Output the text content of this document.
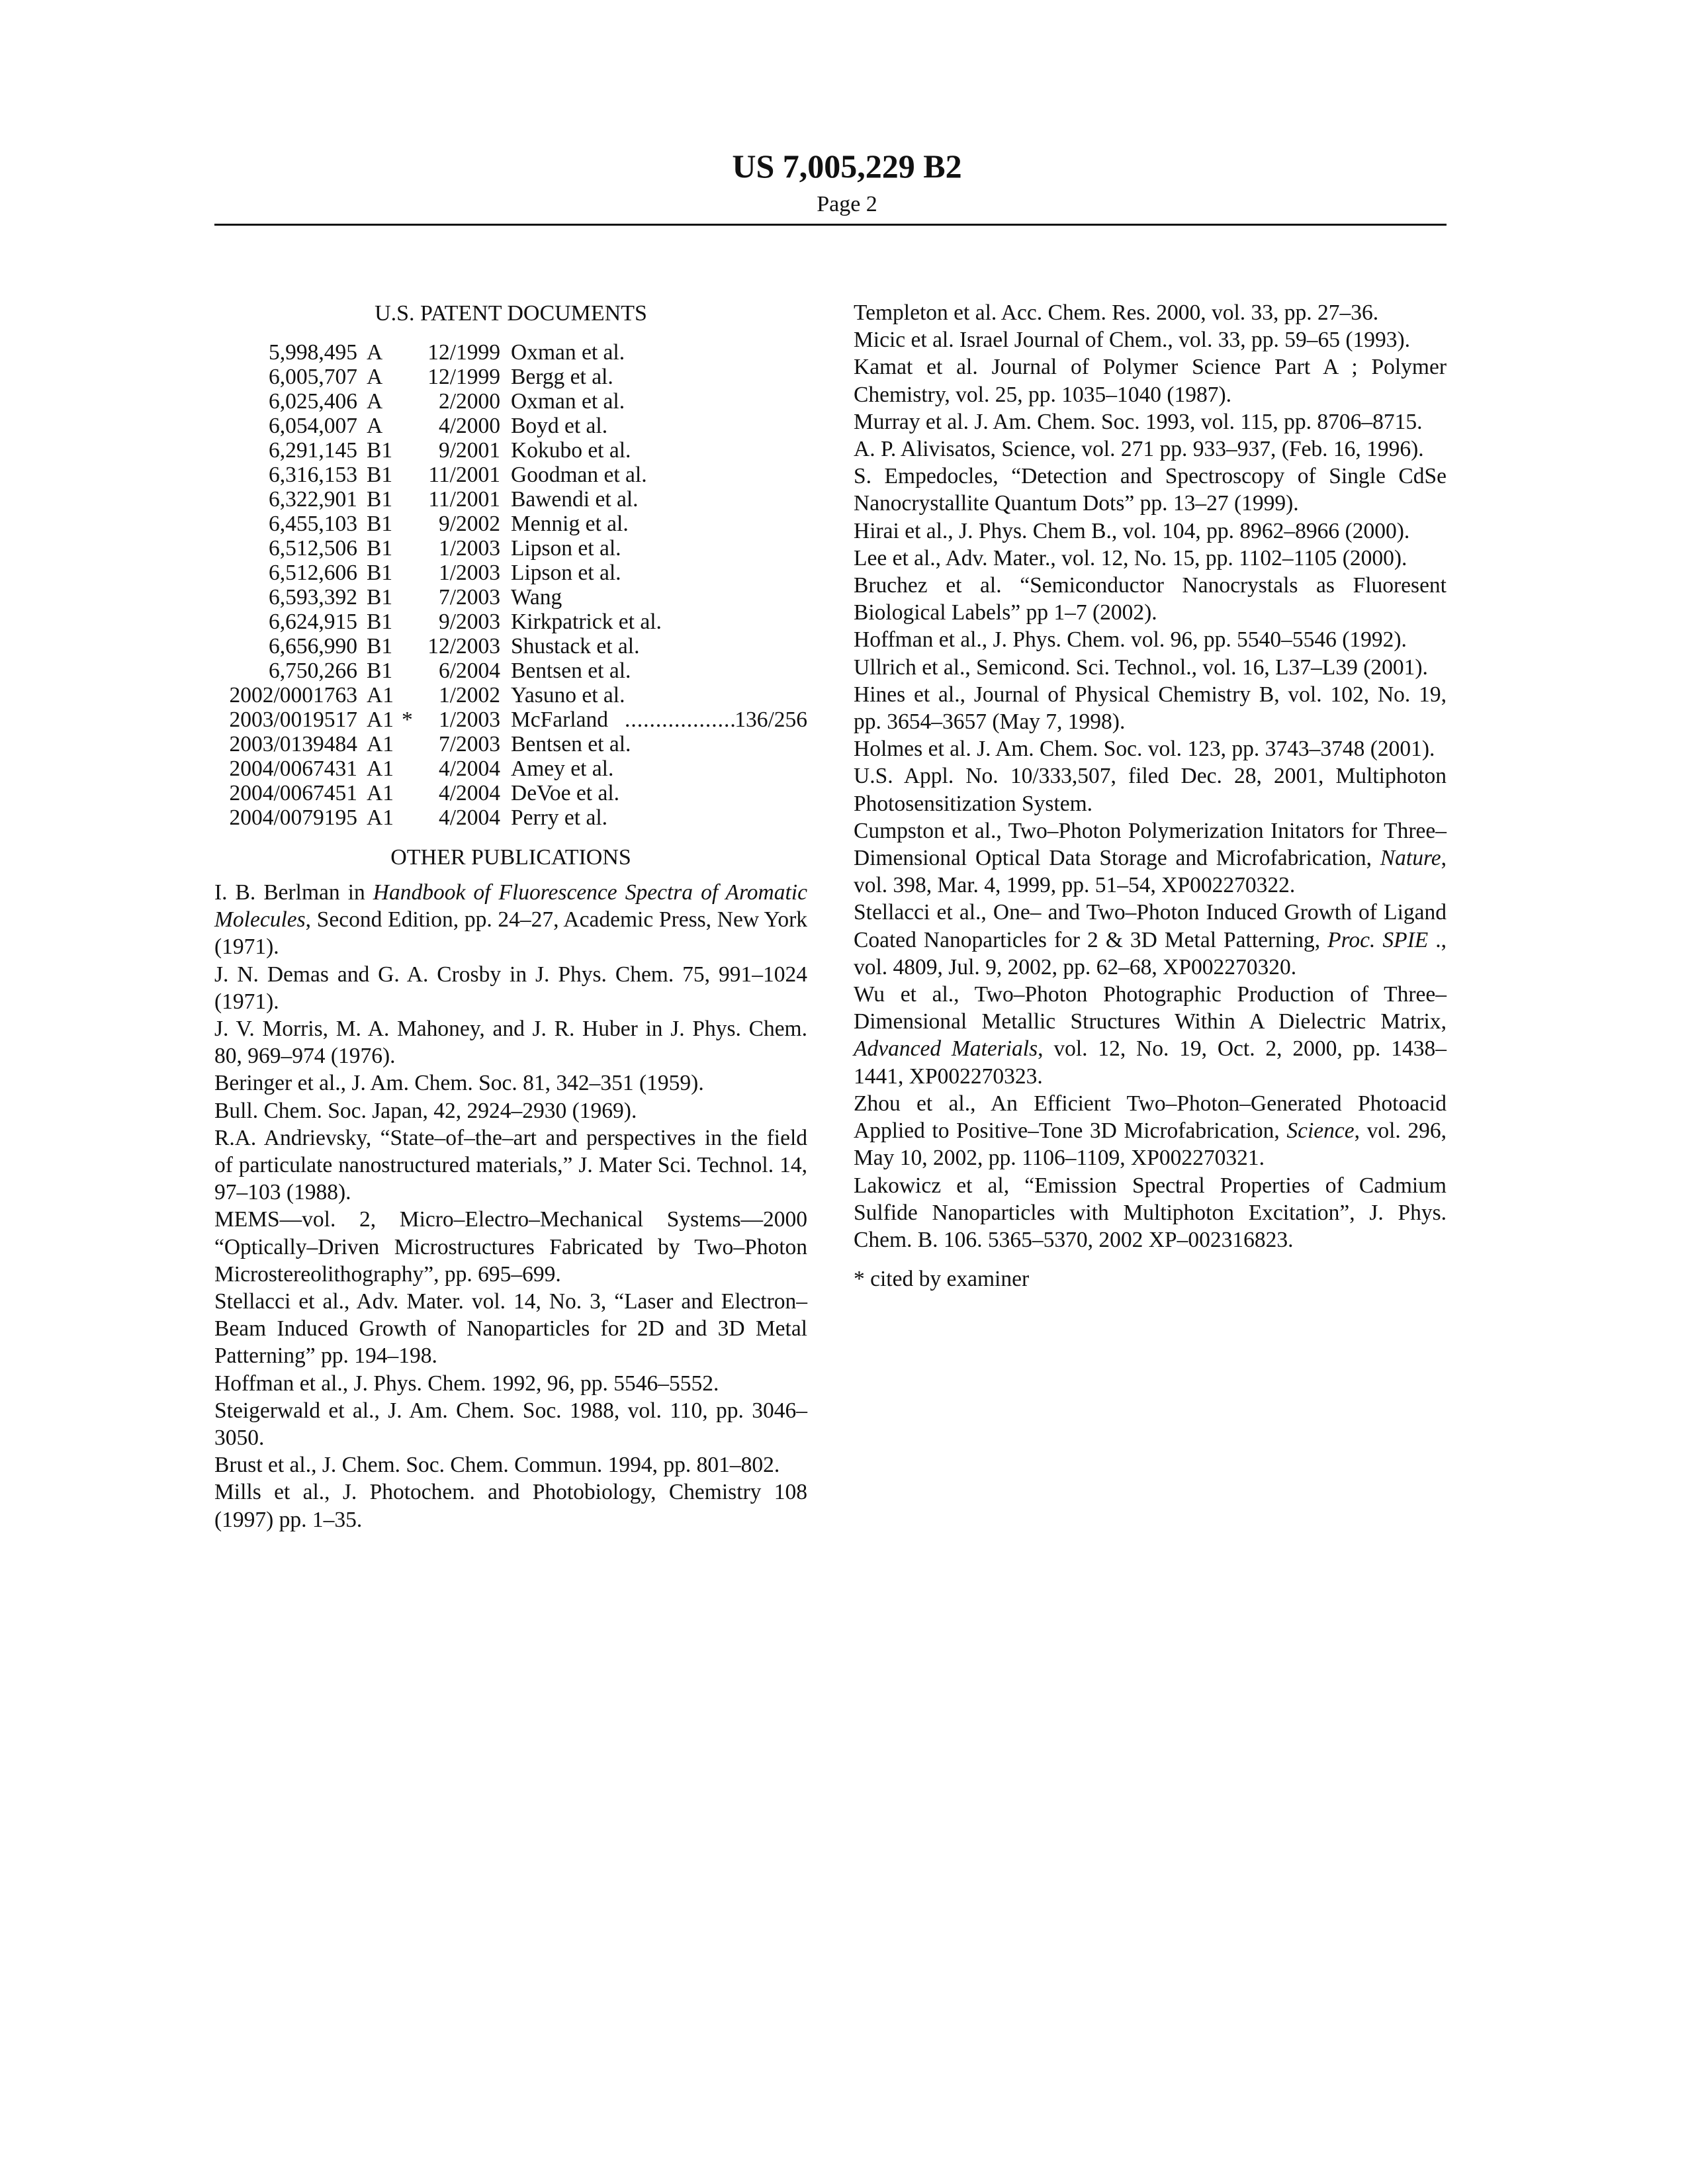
US 7,005,229 B2
Page 2
U.S. PATENT DOCUMENTS
5,998,495 A 12/1999 Oxman et al.
6,005,707 A 12/1999 Bergg et al.
6,025,406 A	2/2000 Oxman et al.
6,054,007 A	4/2000 Boyd et al.
6,291,145 B1 9/2001 Kokubo et al.
6,316,153 B1 11/2001 Goodman et al.
6,322,901 B1 11/2001 Bawendi et al.
6,455,103 B1 9/2002 Mennig et al.
6,512,506 B1 1/2003 Lipson et al.
6,512,606 B1 1/2003 Lipson et al.
6,593,392 B1 7/2003 Wang
6,624,915 B1 9/2003 Kirkpatrick et al.
6,656,990 B1 12/2003 Shustack et al.
6,750,266 B1 6/2004 Bentsen et al.
2002/0001763 A1 1/2002 Yasuno et al.
2003/0019517 A1 * 1/2003 McFarland ..................
136/256
2003/0139484 A1 7/2003 Bentsen et al.
2004/0067431 A1 4/2004 Amey et al.
2004/0067451 A1 4/2004 DeVoe et al.
2004/0079195 A1 4/2004 Perry et al.
OTHER PUBLICATIONS

I. B. Berlman in Handbook of Fluorescence Spectra of Aromatic Molecules, Second Edition, pp. 24–27, Academic Press, New York (1971).

J. N. Demas and G. A. Crosby in J. Phys. Chem. 75, 991–1024 (1971).

J. V. Morris, M. A. Mahoney, and J. R. Huber in J. Phys. Chem. 80, 969–974 (1976).

Beringer et al., J. Am. Chem. Soc. 81, 342–351 (1959).

Bull. Chem. Soc. Japan, 42, 2924–2930 (1969).

R.A. Andrievsky, “State–of–the–art and perspectives in the field of particulate nanostructured materials,” J. Mater Sci. Technol. 14, 97–103 (1988).

MEMS—vol. 2, Micro–Electro–Mechanical Systems—2000 “Optically–Driven Microstructures Fabricated by Two–Photon Microstereolithography”, pp. 695–699.

Stellacci et al., Adv. Mater. vol. 14, No. 3, “Laser and Electron–Beam Induced Growth of Nanoparticles for 2D and 3D Metal Patterning” pp. 194–198.

Hoffman et al., J. Phys. Chem. 1992, 96, pp. 5546–5552.

Steigerwald et al., J. Am. Chem. Soc. 1988, vol. 110, pp. 3046–3050.

Brust et al., J. Chem. Soc. Chem. Commun. 1994, pp. 801–802.

Mills et al., J. Photochem. and Photobiology, Chemistry 108 (1997) pp. 1–35.

Templeton et al. Acc. Chem. Res. 2000, vol. 33, pp. 27–36.

Micic et al. Israel Journal of Chem., vol. 33, pp. 59–65 (1993).

Kamat et al. Journal of Polymer Science Part A ; Polymer Chemistry, vol. 25, pp. 1035–1040 (1987).

Murray et al. J. Am. Chem. Soc. 1993, vol. 115, pp. 8706–8715.

A. P. Alivisatos, Science, vol. 271 pp. 933–937, (Feb. 16, 1996).

S. Empedocles, “Detection and Spectroscopy of Single CdSe Nanocrystallite Quantum Dots” pp. 13–27 (1999).

Hirai et al., J. Phys. Chem B., vol. 104, pp. 8962–8966 (2000).

Lee et al., Adv. Mater., vol. 12, No. 15, pp. 1102–1105 (2000).

Bruchez et al. “Semiconductor Nanocrystals as Fluoresent Biological Labels” pp 1–7 (2002).

Hoffman et al., J. Phys. Chem. vol. 96, pp. 5540–5546 (1992).

Ullrich et al., Semicond. Sci. Technol., vol. 16, L37–L39 (2001).

Hines et al., Journal of Physical Chemistry B, vol. 102, No. 19, pp. 3654–3657 (May 7, 1998).

Holmes et al. J. Am. Chem. Soc. vol. 123, pp. 3743–3748 (2001).

U.S. Appl. No. 10/333,507, filed Dec. 28, 2001, Multiphoton Photosensitization System.

Cumpston et al., Two–Photon Polymerization Initators for Three–Dimensional Optical Data Storage and Microfabrication, Nature, vol. 398, Mar. 4, 1999, pp. 51–54, XP002270322.

Stellacci et al., One– and Two–Photon Induced Growth of Ligand Coated Nanoparticles for 2 & 3D Metal Patterning, Proc. SPIE ., vol. 4809, Jul. 9, 2002, pp. 62–68, XP002270320.

Wu et al., Two–Photon Photographic Production of Three–Dimensional Metallic Structures Within A Dielectric Matrix, Advanced Materials, vol. 12, No. 19, Oct. 2, 2000, pp. 1438–1441, XP002270323.

Zhou et al., An Efficient Two–Photon–Generated Photoacid Applied to Positive–Tone 3D Microfabrication, Science, vol. 296, May 10, 2002, pp. 1106–1109, XP002270321.

Lakowicz et al, “Emission Spectral Properties of Cadmium Sulfide Nanoparticles with Multiphoton Excitation”, J. Phys. Chem. B. 106. 5365–5370, 2002 XP–002316823.

* cited by examiner
